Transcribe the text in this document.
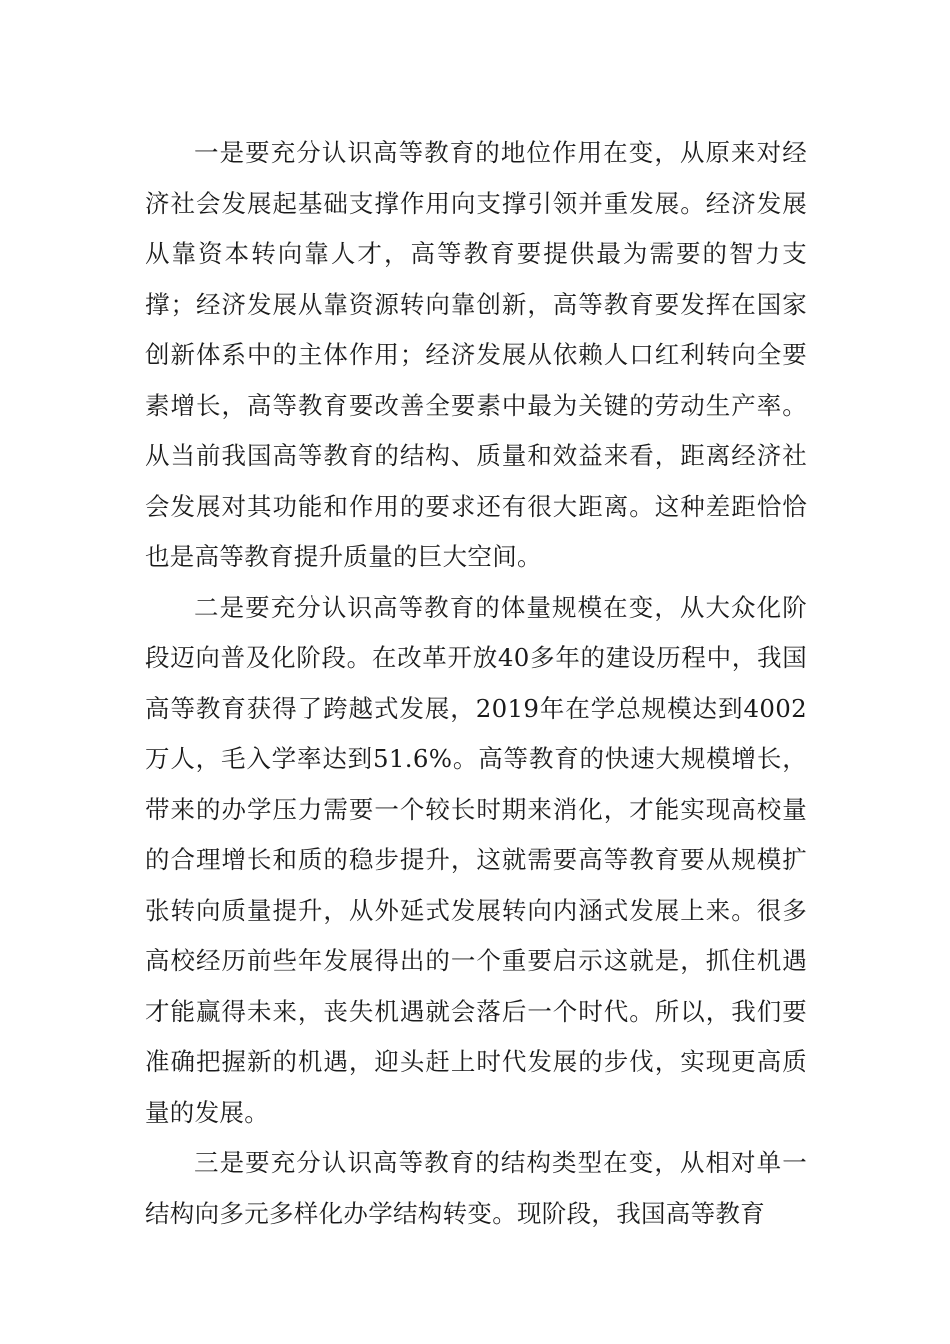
一是要充分认识高等教育的地位作用在变，从原来对经济社会发展起基础支撑作用向支撑引领并重发展。经济发展从靠资本转向靠人才，高等教育要提供最为需要的智力支撑；经济发展从靠资源转向靠创新，高等教育要发挥在国家创新体系中的主体作用；经济发展从依赖人口红利转向全要素增长，高等教育要改善全要素中最为关键的劳动生产率。从当前我国高等教育的结构、质量和效益来看，距离经济社会发展对其功能和作用的要求还有很大距离。这种差距恰恰也是高等教育提升质量的巨大空间。

二是要充分认识高等教育的体量规模在变，从大众化阶段迈向普及化阶段。在改革开放40多年的建设历程中，我国高等教育获得了跨越式发展，2019年在学总规模达到4002万人，毛入学率达到51.6%。高等教育的快速大规模增长，带来的办学压力需要一个较长时期来消化，才能实现高校量的合理增长和质的稳步提升，这就需要高等教育要从规模扩张转向质量提升，从外延式发展转向内涵式发展上来。很多高校经历前些年发展得出的一个重要启示这就是，抓住机遇才能赢得未来，丧失机遇就会落后一个时代。所以，我们要准确把握新的机遇，迎头赶上时代发展的步伐，实现更高质量的发展。

三是要充分认识高等教育的结构类型在变，从相对单一结构向多元多样化办学结构转变。现阶段，我国高等教育
